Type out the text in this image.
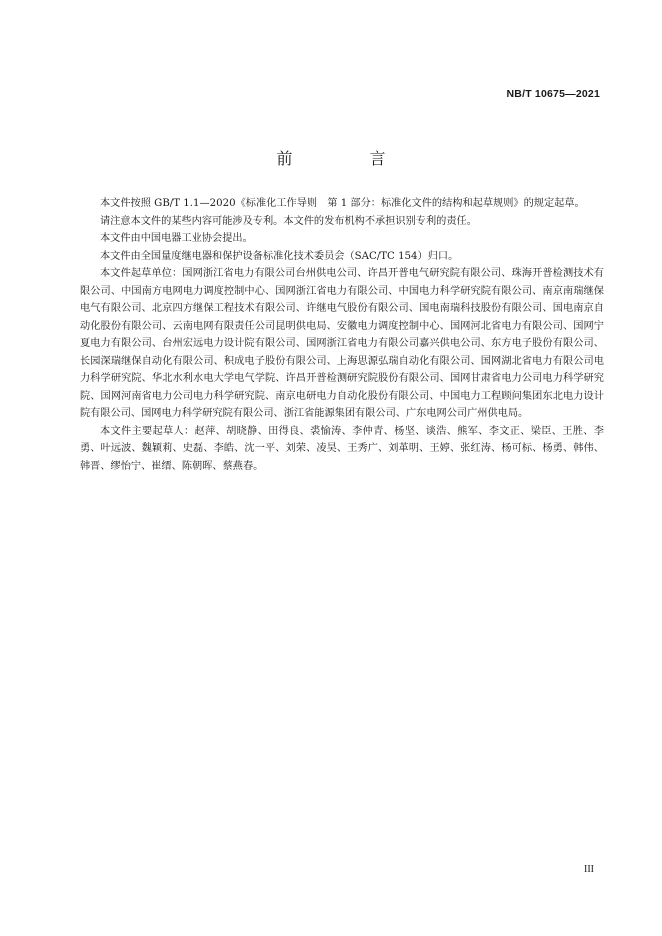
NB/T 10675—2021
前 言

本文件按照 GB/T 1.1—2020《标准化工作导则　第 1 部分：标准化文件的结构和起草规则》的规定起草。

请注意本文件的某些内容可能涉及专利。本文件的发布机构不承担识别专利的责任。

本文件由中国电器工业协会提出。

本文件由全国量度继电器和保护设备标准化技术委员会（SAC/TC 154）归口。

本文件起草单位：国网浙江省电力有限公司台州供电公司、许昌开普电气研究院有限公司、珠海开普检测技术有限公司、中国南方电网电力调度控制中心、国网浙江省电力有限公司、中国电力科学研究院有限公司、南京南瑞继保电气有限公司、北京四方继保工程技术有限公司、许继电气股份有限公司、国电南瑞科技股份有限公司、国电南京自动化股份有限公司、云南电网有限责任公司昆明供电局、安徽电力调度控制中心、国网河北省电力有限公司、国网宁夏电力有限公司、台州宏远电力设计院有限公司、国网浙江省电力有限公司嘉兴供电公司、东方电子股份有限公司、长园深瑞继保自动化有限公司、积成电子股份有限公司、上海思源弘瑞自动化有限公司、国网湖北省电力有限公司电力科学研究院、华北水利水电大学电气学院、许昌开普检测研究院股份有限公司、国网甘肃省电力公司电力科学研究院、国网河南省电力公司电力科学研究院、南京电研电力自动化股份有限公司、中国电力工程顾问集团东北电力设计院有限公司、国网电力科学研究院有限公司、浙江省能源集团有限公司、广东电网公司广州供电局。

本文件主要起草人：赵萍、胡晓静、田得良、裘愉涛、李仲青、杨坚、谈浩、熊军、李文正、梁臣、王胜、李勇、叶远波、魏颖莉、史磊、李皓、沈一平、刘荣、凌昊、王秀广、刘革明、王婷、张红涛、杨可标、杨勇、韩伟、韩晋、缪怡宁、崔缙、陈朝晖、蔡燕春。

III
